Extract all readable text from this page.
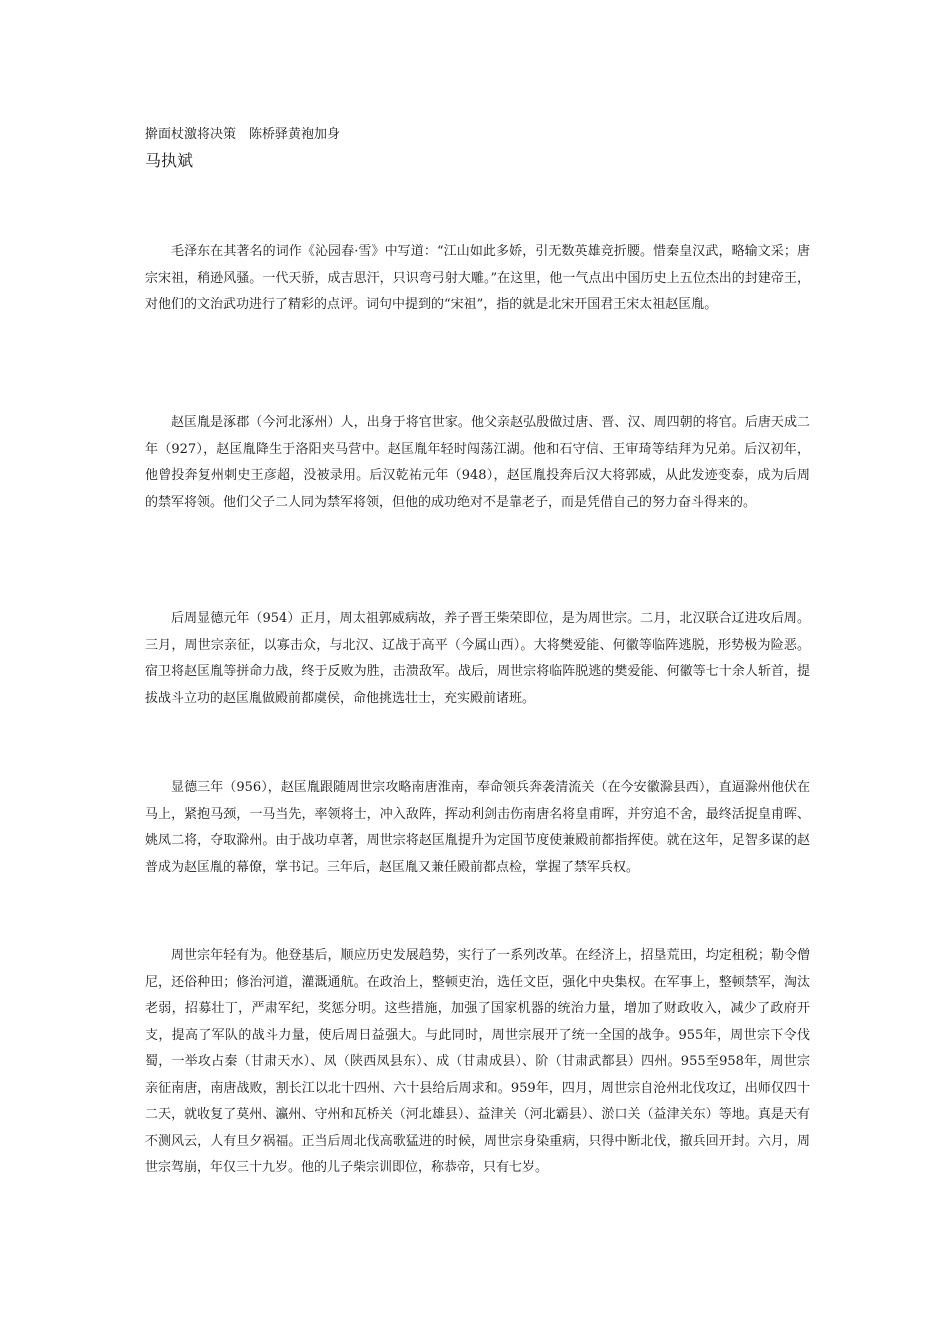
擀面杖激将决策　陈桥驿黄袍加身
马执斌

毛泽东在其著名的词作《沁园春·雪》中写道：“江山如此多娇，引无数英雄竞折腰。惜秦皇汉武，略输文采；唐宗宋祖，稍逊风骚。一代天骄，成吉思汗，只识弯弓射大雕。”在这里，他一气点出中国历史上五位杰出的封建帝王，对他们的文治武功进行了精彩的点评。词句中提到的“宋祖”，指的就是北宋开国君王宋太祖赵匡胤。

赵匡胤是涿郡（今河北涿州）人，出身于将官世家。他父亲赵弘殷做过唐、晋、汉、周四朝的将官。后唐天成二年（927），赵匡胤降生于洛阳夹马营中。赵匡胤年轻时闯荡江湖。他和石守信、王审琦等结拜为兄弟。后汉初年，他曾投奔复州刺史王彦超，没被录用。后汉乾祐元年（948），赵匡胤投奔后汉大将郭威，从此发迹变泰，成为后周的禁军将领。他们父子二人同为禁军将领，但他的成功绝对不是靠老子，而是凭借自己的努力奋斗得来的。

后周显德元年（954）正月，周太祖郭威病故，养子晋王柴荣即位，是为周世宗。二月，北汉联合辽进攻后周。三月，周世宗亲征，以寡击众，与北汉、辽战于高平（今属山西）。大将樊爱能、何徽等临阵逃脱，形势极为险恶。宿卫将赵匡胤等拼命力战，终于反败为胜，击溃敌军。战后，周世宗将临阵脱逃的樊爱能、何徽等七十余人斩首，提拔战斗立功的赵匡胤做殿前都虞侯，命他挑选壮士，充实殿前诸班。

显德三年（956），赵匡胤跟随周世宗攻略南唐淮南，奉命领兵奔袭清流关（在今安徽滁县西），直逼滁州他伏在马上，紧抱马颈，一马当先，率领将士，冲入敌阵，挥动利剑击伤南唐名将皇甫晖，并穷追不舍，最终活捉皇甫晖、姚凤二将，夺取滁州。由于战功卓著，周世宗将赵匡胤提升为定国节度使兼殿前都指挥使。就在这年，足智多谋的赵普成为赵匡胤的幕僚，掌书记。三年后，赵匡胤又兼任殿前都点检，掌握了禁军兵权。

周世宗年轻有为。他登基后，顺应历史发展趋势，实行了一系列改革。在经济上，招垦荒田，均定租税；勒令僧尼，还俗种田；修治河道，灌溉通航。在政治上，整顿吏治，选任文臣，强化中央集权。在军事上，整顿禁军，淘汰老弱，招募壮丁，严肃军纪，奖惩分明。这些措施，加强了国家机器的统治力量，增加了财政收入，减少了政府开支，提高了军队的战斗力量，使后周日益强大。与此同时，周世宗展开了统一全国的战争。955年，周世宗下令伐蜀，一举攻占秦（甘肃天水）、凤（陕西凤县东）、成（甘肃成县）、阶（甘肃武都县）四州。955至958年，周世宗亲征南唐，南唐战败，割长江以北十四州、六十县给后周求和。959年，四月，周世宗自沧州北伐攻辽，出师仅四十二天，就收复了莫州、瀛州、守州和瓦桥关（河北雄县）、益津关（河北霸县）、淤口关（益津关东）等地。真是天有不测风云，人有旦夕祸福。正当后周北伐高歌猛进的时候，周世宗身染重病，只得中断北伐，撤兵回开封。六月，周世宗驾崩，年仅三十九岁。他的儿子柴宗训即位，称恭帝，只有七岁。
